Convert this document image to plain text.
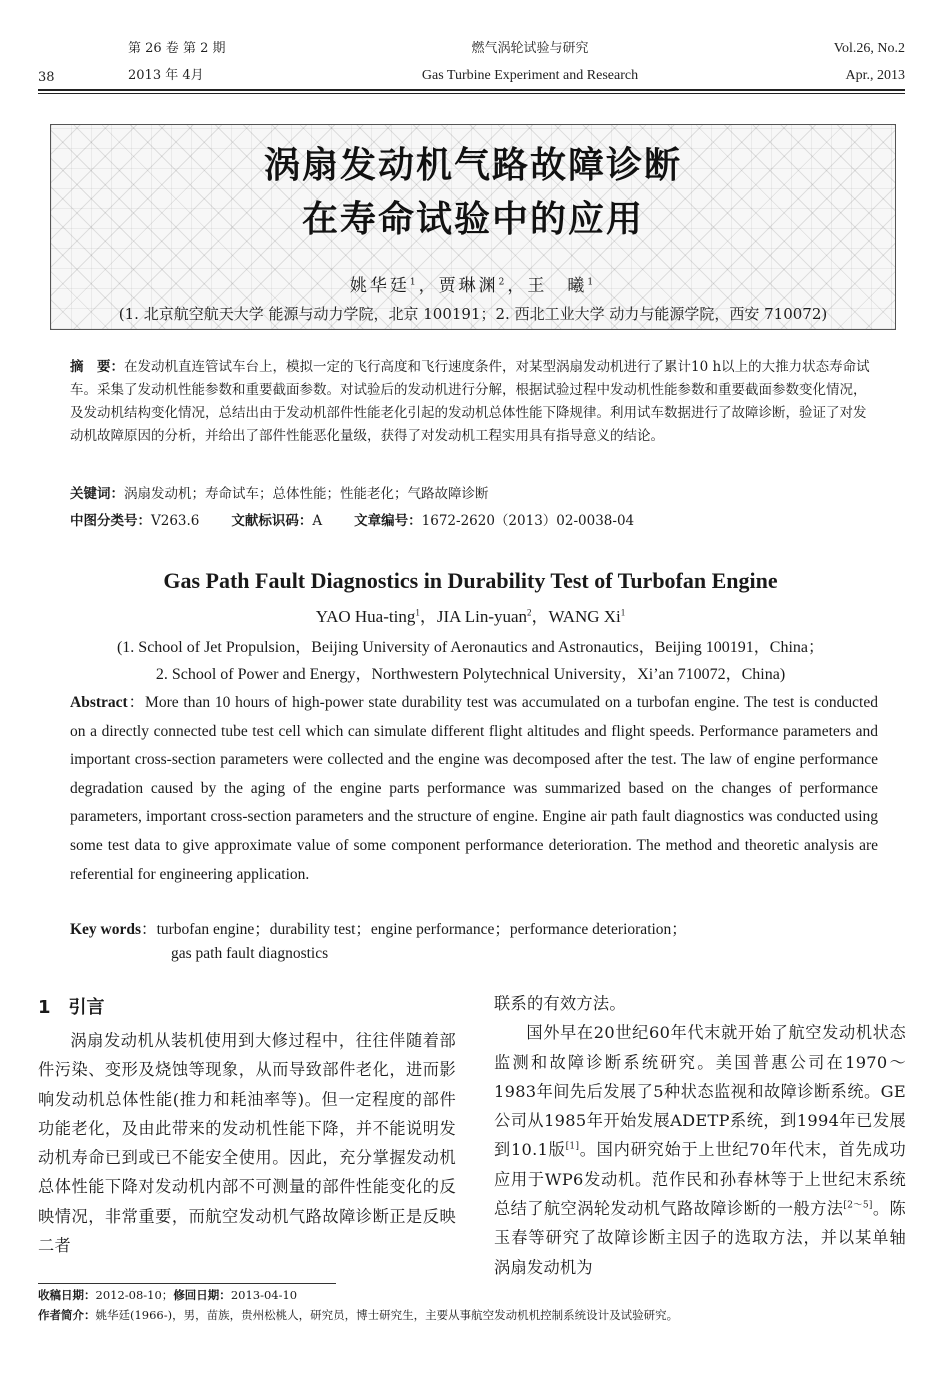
38
第 26 卷 第 2 期
2013 年 4月
燃气涡轮试验与研究
Gas Turbine Experiment and Research
Vol.26, No.2
Apr., 2013
涡扇发动机气路故障诊断
在寿命试验中的应用
姚华廷$^1$，贾琳渊$^2$，王　曦$^1$
(1. 北京航空航天大学 能源与动力学院，北京 100191；2. 西北工业大学 动力与能源学院，西安 710072)
摘　要：在发动机直连管试车台上，模拟一定的飞行高度和飞行速度条件，对某型涡扇发动机进行了累计10 h以上的大推力状态寿命试车。采集了发动机性能参数和重要截面参数。对试验后的发动机进行分解，根据试验过程中发动机性能参数和重要截面参数变化情况，及发动机结构变化情况，总结出由于发动机部件性能老化引起的发动机总体性能下降规律。利用试车数据进行了故障诊断，验证了对发动机故障原因的分析，并给出了部件性能恶化量级，获得了对发动机工程实用具有指导意义的结论。
关键词：涡扇发动机；寿命试车；总体性能；性能老化；气路故障诊断
中图分类号：V263.6 文献标识码：A 文章编号：1672-2620（2013）02-0038-04
Gas Path Fault Diagnostics in Durability Test of Turbofan Engine
YAO Hua-ting$^1$，JIA Lin-yuan$^2$，WANG Xi$^1$
(1. School of Jet Propulsion，Beijing University of Aeronautics and Astronautics，Beijing 100191，China；
2. School of Power and Energy，Northwestern Polytechnical University，Xi’an 710072，China)
Abstract：More than 10 hours of high-power state durability test was accumulated on a turbofan engine. The test is conducted on a directly connected tube test cell which can simulate different flight altitudes and flight speeds. Performance parameters and important cross-section parameters were collected and the engine was decomposed after the test. The law of engine performance degradation caused by the aging of the engine parts performance was summarized based on the changes of performance parameters, important cross-section parameters and the structure of engine. Engine air path fault diagnostics was conducted using some test data to give approximate value of some component performance deterioration. The method and theoretic analysis are referential for engineering application.
Key words：turbofan engine；durability test；engine performance；performance deterioration；
gas path fault diagnostics
1　引言

涡扇发动机从装机使用到大修过程中，往往伴随着部件污染、变形及烧蚀等现象，从而导致部件老化，进而影响发动机总体性能(推力和耗油率等)。但一定程度的部件功能老化，及由此带来的发动机性能下降，并不能说明发动机寿命已到或已不能安全使用。因此，充分掌握发动机总体性能下降对发动机内部不可测量的部件性能变化的反映情况，非常重要，而航空发动机气路故障诊断正是反映二者

联系的有效方法。

国外早在20世纪60年代末就开始了航空发动机状态监测和故障诊断系统研究。美国普惠公司在1970～1983年间先后发展了5种状态监视和故障诊断系统。GE公司从1985年开始发展ADETP系统，到1994年已发展到10.1版[1]。国内研究始于上世纪70年代末，首先成功应用于WP6发动机。范作民和孙春林等于上世纪末系统总结了航空涡轮发动机气路故障诊断的一般方法[2～5]。陈玉春等研究了故障诊断主因子的选取方法，并以某单轴涡扇发动机为

收稿日期：2012-08-10；修回日期：2013-04-10
作者简介：姚华廷(1966-)，男，苗族，贵州松桃人，研究员，博士研究生，主要从事航空发动机机控制系统设计及试验研究。
